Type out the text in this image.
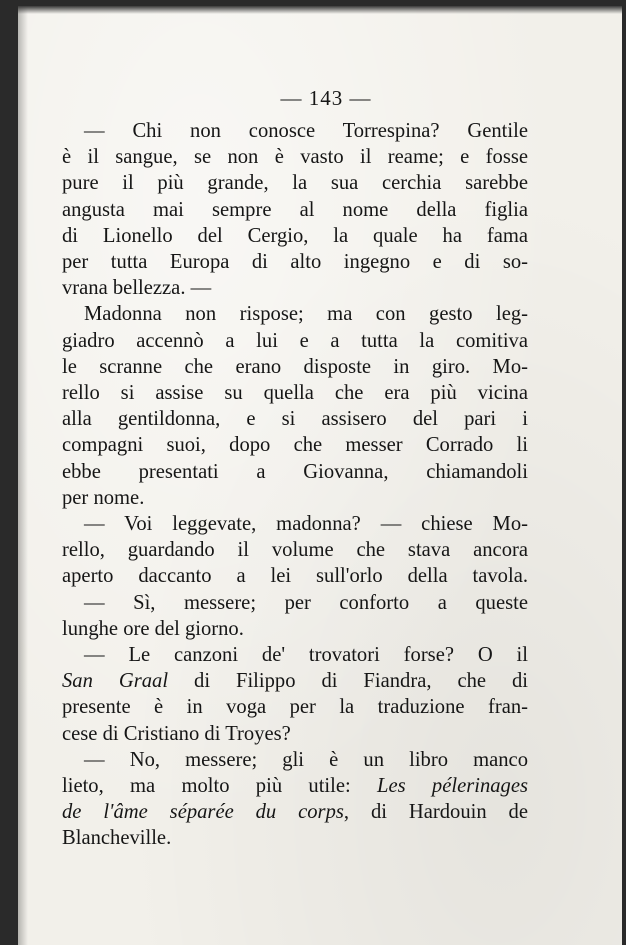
— 143 —
— Chi non conosce Torrespina? Gentile
è il sangue, se non è vasto il reame; e fosse
pure il più grande, la sua cerchia sarebbe
angusta mai sempre al nome della figlia
di Lionello del Cergio, la quale ha fama
per tutta Europa di alto ingegno e di so-
vrana bellezza. —
Madonna non rispose; ma con gesto leg-
giadro accennò a lui e a tutta la comitiva
le scranne che erano disposte in giro. Mo-
rello si assise su quella che era più vicina
alla gentildonna, e si assisero del pari i
compagni suoi, dopo che messer Corrado li
ebbe presentati a Giovanna, chiamandoli
per nome.
— Voi leggevate, madonna? — chiese Mo-
rello, guardando il volume che stava ancora
aperto daccanto a lei sull'orlo della tavola.
— Sì, messere; per conforto a queste
lunghe ore del giorno.
— Le canzoni de' trovatori forse? O il
San Graal di Filippo di Fiandra, che di
presente è in voga per la traduzione fran-
cese di Cristiano di Troyes?
— No, messere; gli è un libro manco
lieto, ma molto più utile: Les pélerinages
de l'âme séparée du corps, di Hardouin de
Blancheville.
